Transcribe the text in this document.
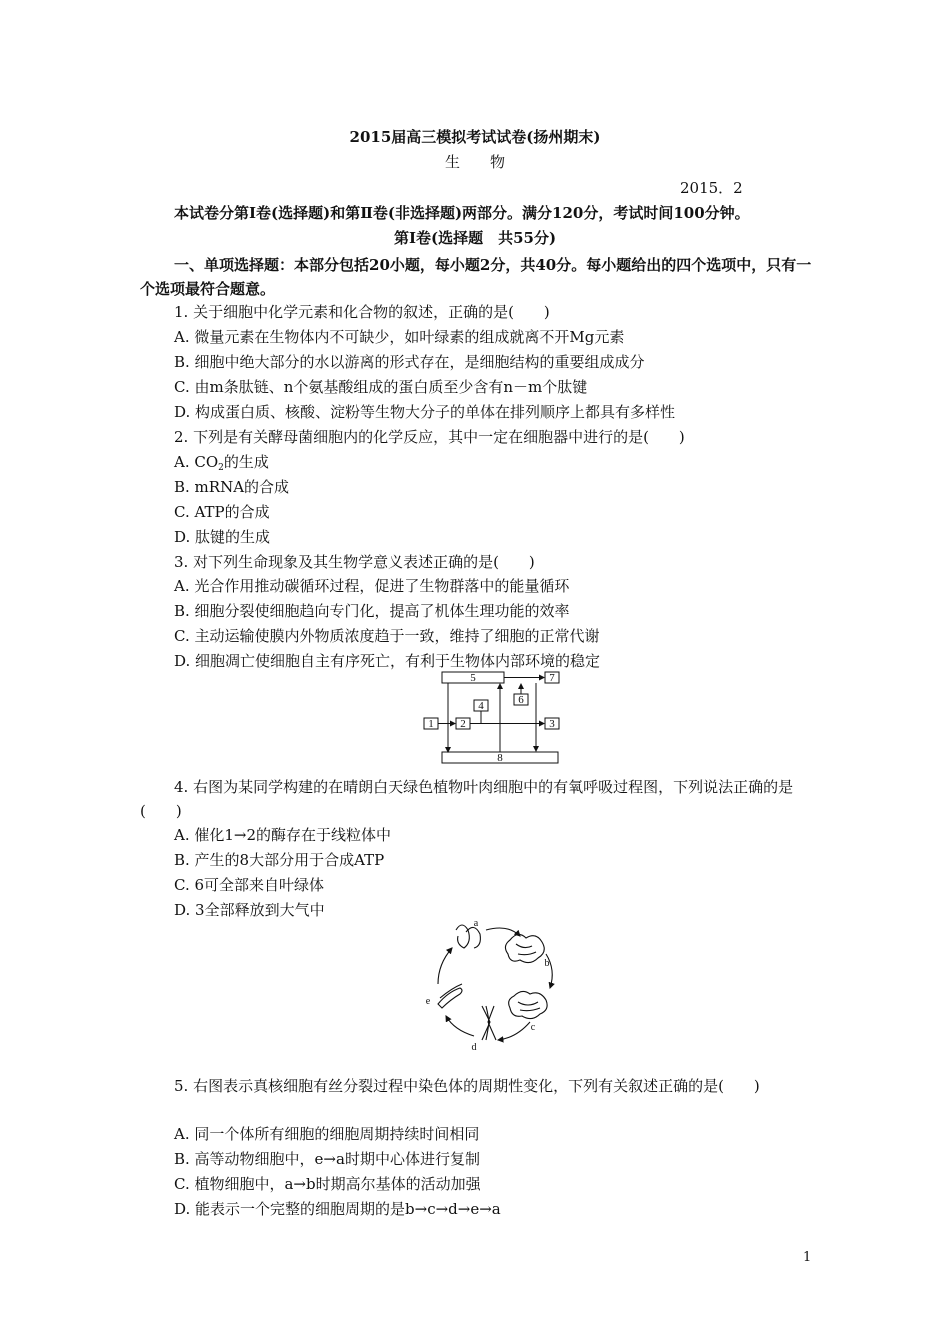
2015届高三模拟考试试卷(扬州期末)
生　　物
2015．2
本试卷分第Ⅰ卷(选择题)和第Ⅱ卷(非选择题)两部分。满分120分，考试时间100分钟。
第Ⅰ卷(选择题　共55分)
一、单项选择题：本部分包括20小题，每小题2分，共40分。每小题给出的四个选项中，只有一个选项最符合题意。
1. 关于细胞中化学元素和化合物的叙述，正确的是(　　)
A. 微量元素在生物体内不可缺少，如叶绿素的组成就离不开Mg元素
B. 细胞中绝大部分的水以游离的形式存在，是细胞结构的重要组成成分
C. 由m条肽链、n个氨基酸组成的蛋白质至少含有n－m个肽键
D. 构成蛋白质、核酸、淀粉等生物大分子的单体在排列顺序上都具有多样性
2. 下列是有关酵母菌细胞内的化学反应，其中一定在细胞器中进行的是(　　)
A. $CO_2$的生成
B. mRNA的合成
C. ATP的合成
D. 肽键的生成
3. 对下列生命现象及其生物学意义表述正确的是(　　)
A. 光合作用推动碳循环过程，促进了生物群落中的能量循环
B. 细胞分裂使细胞趋向专门化，提高了机体生理功能的效率
C. 主动运输使膜内外物质浓度趋于一致，维持了细胞的正常代谢
D. 细胞凋亡使细胞自主有序死亡，有利于生物体内部环境的稳定
5	7
6
4
1 2	3
8
4. 右图为某同学构建的在晴朗白天绿色植物叶肉细胞中的有氧呼吸过程图，下列说法正确的是(　　)
A. 催化1→2的酶存在于线粒体中
B. 产生的8大部分用于合成ATP
C. 6可全部来自叶绿体
D. 3全部释放到大气中
a
b
c
d
e
5. 右图表示真核细胞有丝分裂过程中染色体的周期性变化，下列有关叙述正确的是(　　)
A. 同一个体所有细胞的细胞周期持续时间相同
B. 高等动物细胞中，e→a时期中心体进行复制
C. 植物细胞中，a→b时期高尔基体的活动加强
D. 能表示一个完整的细胞周期的是b→c→d→e→a
1
